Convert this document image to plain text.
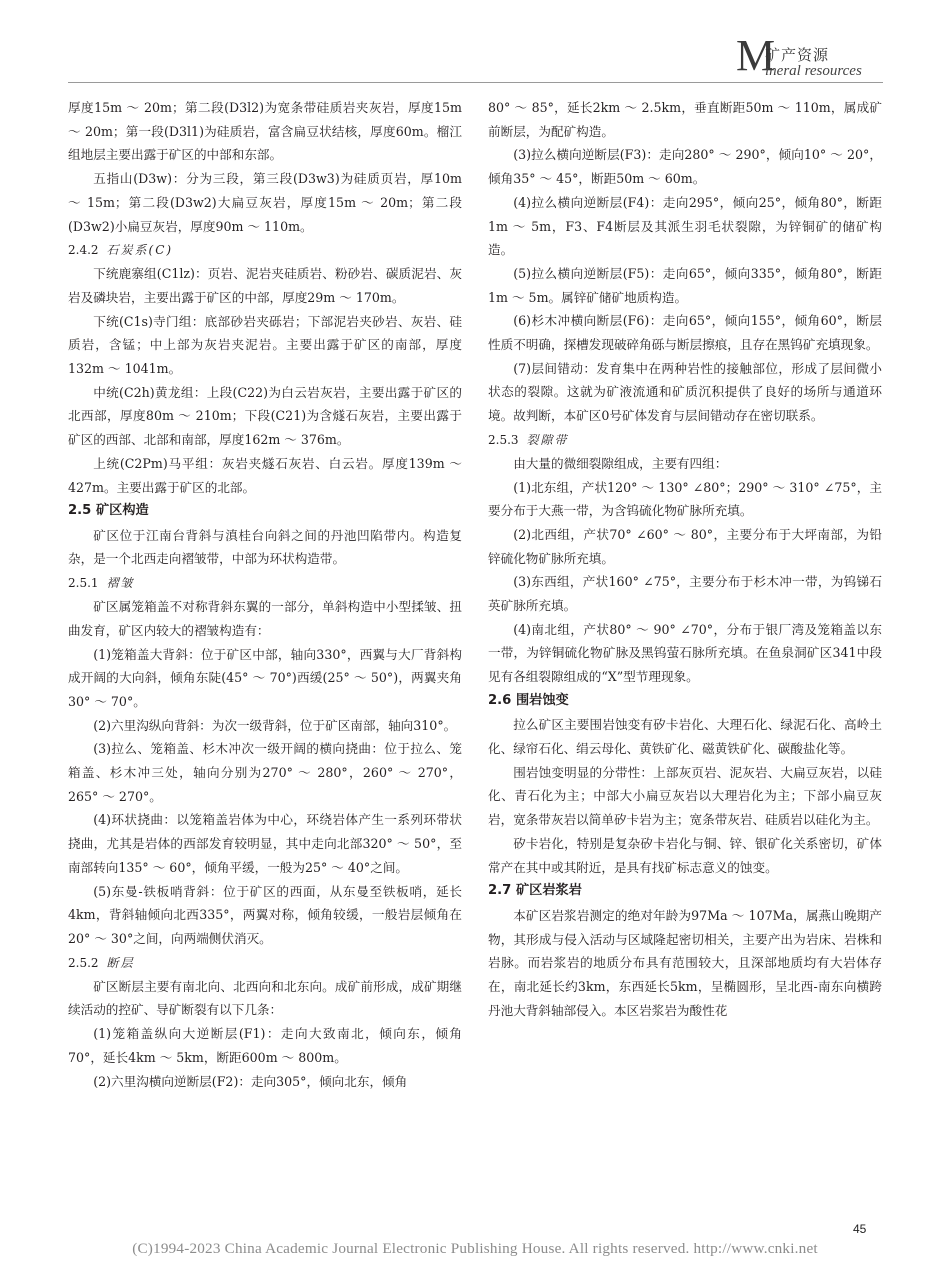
M
矿产资源
ineral resources

厚度15m ～ 20m；第二段(D3l2)为宽条带硅质岩夹灰岩，厚度15m ～ 20m；第一段(D3l1)为硅质岩，富含扁豆状结核，厚度60m。榴江组地层主要出露于矿区的中部和东部。

五指山(D3w)：分为三段，第三段(D3w3)为硅质页岩，厚10m ～ 15m；第二段(D3w2)大扁豆灰岩，厚度15m ～ 20m；第二段(D3w2)小扁豆灰岩，厚度90m ～ 110m。

2.4.2 石炭系(C)

下统鹿寨组(C1lz)：页岩、泥岩夹硅质岩、粉砂岩、碳质泥岩、灰岩及磷块岩，主要出露于矿区的中部，厚度29m ～ 170m。

下统(C1s)寺门组：底部砂岩夹砾岩；下部泥岩夹砂岩、灰岩、硅质岩，含锰；中上部为灰岩夹泥岩。主要出露于矿区的南部，厚度132m ～ 1041m。

中统(C2h)黄龙组：上段(C22)为白云岩灰岩，主要出露于矿区的北西部，厚度80m ～ 210m；下段(C21)为含燧石灰岩，主要出露于矿区的西部、北部和南部，厚度162m ～ 376m。

上统(C2Pm)马平组：灰岩夹燧石灰岩、白云岩。厚度139m ～ 427m。主要出露于矿区的北部。

2.5 矿区构造

矿区位于江南台背斜与滇桂台向斜之间的丹池凹陷带内。构造复杂，是一个北西走向褶皱带，中部为环状构造带。

2.5.1 褶皱

矿区属笼箱盖不对称背斜东翼的一部分，单斜构造中小型揉皱、扭曲发育，矿区内较大的褶皱构造有：

(1)笼箱盖大背斜：位于矿区中部，轴向330°，西翼与大厂背斜构成开阔的大向斜，倾角东陡(45° ～ 70°)西缓(25° ～ 50°)，两翼夹角30° ～ 70°。

(2)六里沟纵向背斜：为次一级背斜，位于矿区南部，轴向310°。

(3)拉么、笼箱盖、杉木冲次一级开阔的横向挠曲：位于拉么、笼箱盖、杉木冲三处，轴向分别为270° ～ 280°，260° ～ 270°，265° ～ 270°。

(4)环状挠曲：以笼箱盖岩体为中心，环绕岩体产生一系列环带状挠曲，尤其是岩体的西部发育较明显，其中走向北部320° ～ 50°，至南部转向135° ～ 60°，倾角平缓，一般为25° ～ 40°之间。

(5)东曼-铁板哨背斜：位于矿区的西面，从东曼至铁板哨，延长4km，背斜轴倾向北西335°，两翼对称，倾角较缓，一般岩层倾角在20° ～ 30°之间，向两端侧伏消灭。

2.5.2 断层

矿区断层主要有南北向、北西向和北东向。成矿前形成，成矿期继续活动的控矿、导矿断裂有以下几条：

(1)笼箱盖纵向大逆断层(F1)：走向大致南北，倾向东，倾角70°，延长4km ～ 5km，断距600m ～ 800m。

(2)六里沟横向逆断层(F2)：走向305°，倾向北东，倾角

80° ～ 85°，延长2km ～ 2.5km，垂直断距50m ～ 110m，属成矿前断层，为配矿构造。

(3)拉么横向逆断层(F3)：走向280° ～ 290°，倾向10° ～ 20°，倾角35° ～ 45°，断距50m ～ 60m。

(4)拉么横向逆断层(F4)：走向295°，倾向25°，倾角80°，断距1m ～ 5m，F3、F4断层及其派生羽毛状裂隙，为锌铜矿的储矿构造。

(5)拉么横向逆断层(F5)：走向65°，倾向335°，倾角80°，断距1m ～ 5m。属锌矿储矿地质构造。

(6)杉木冲横向断层(F6)：走向65°，倾向155°，倾角60°，断层性质不明确，探槽发现破碎角砾与断层擦痕，且存在黑钨矿充填现象。

(7)层间错动：发育集中在两种岩性的接触部位，形成了层间微小状态的裂隙。这就为矿液流通和矿质沉积提供了良好的场所与通道环境。故判断，本矿区0号矿体发育与层间错动存在密切联系。

2.5.3 裂隙带

由大量的微细裂隙组成，主要有四组：

(1)北东组，产状120° ～ 130° ∠80°；290° ～ 310° ∠75°，主要分布于大燕一带，为含钨硫化物矿脉所充填。

(2)北西组，产状70° ∠60° ～ 80°，主要分布于大坪南部，为铅锌硫化物矿脉所充填。

(3)东西组，产状160° ∠75°，主要分布于杉木冲一带，为钨锑石英矿脉所充填。

(4)南北组，产状80° ～ 90° ∠70°，分布于银厂湾及笼箱盖以东一带，为锌铜硫化物矿脉及黑钨萤石脉所充填。在鱼泉洞矿区341中段见有各组裂隙组成的“X”型节理现象。

2.6 围岩蚀变

拉么矿区主要围岩蚀变有矽卡岩化、大理石化、绿泥石化、高岭土化、绿帘石化、绢云母化、黄铁矿化、磁黄铁矿化、碳酸盐化等。

围岩蚀变明显的分带性：上部灰页岩、泥灰岩、大扁豆灰岩，以硅化、青石化为主；中部大小扁豆灰岩以大理岩化为主；下部小扁豆灰岩，宽条带灰岩以简单矽卡岩为主；宽条带灰岩、硅质岩以硅化为主。

矽卡岩化，特别是复杂矽卡岩化与铜、锌、银矿化关系密切，矿体常产在其中或其附近，是具有找矿标志意义的蚀变。

2.7 矿区岩浆岩

本矿区岩浆岩测定的绝对年龄为97Ma ～ 107Ma，属燕山晚期产物，其形成与侵入活动与区域隆起密切相关，主要产出为岩床、岩株和岩脉。而岩浆岩的地质分布具有范围较大，且深部地质均有大岩体存在，南北延长约3km，东西延长5km，呈椭圆形，呈北西-南东向横跨丹池大背斜轴部侵入。本区岩浆岩为酸性花

45
(C)1994-2023 China Academic Journal Electronic Publishing House. All rights reserved. http://www.cnki.net
